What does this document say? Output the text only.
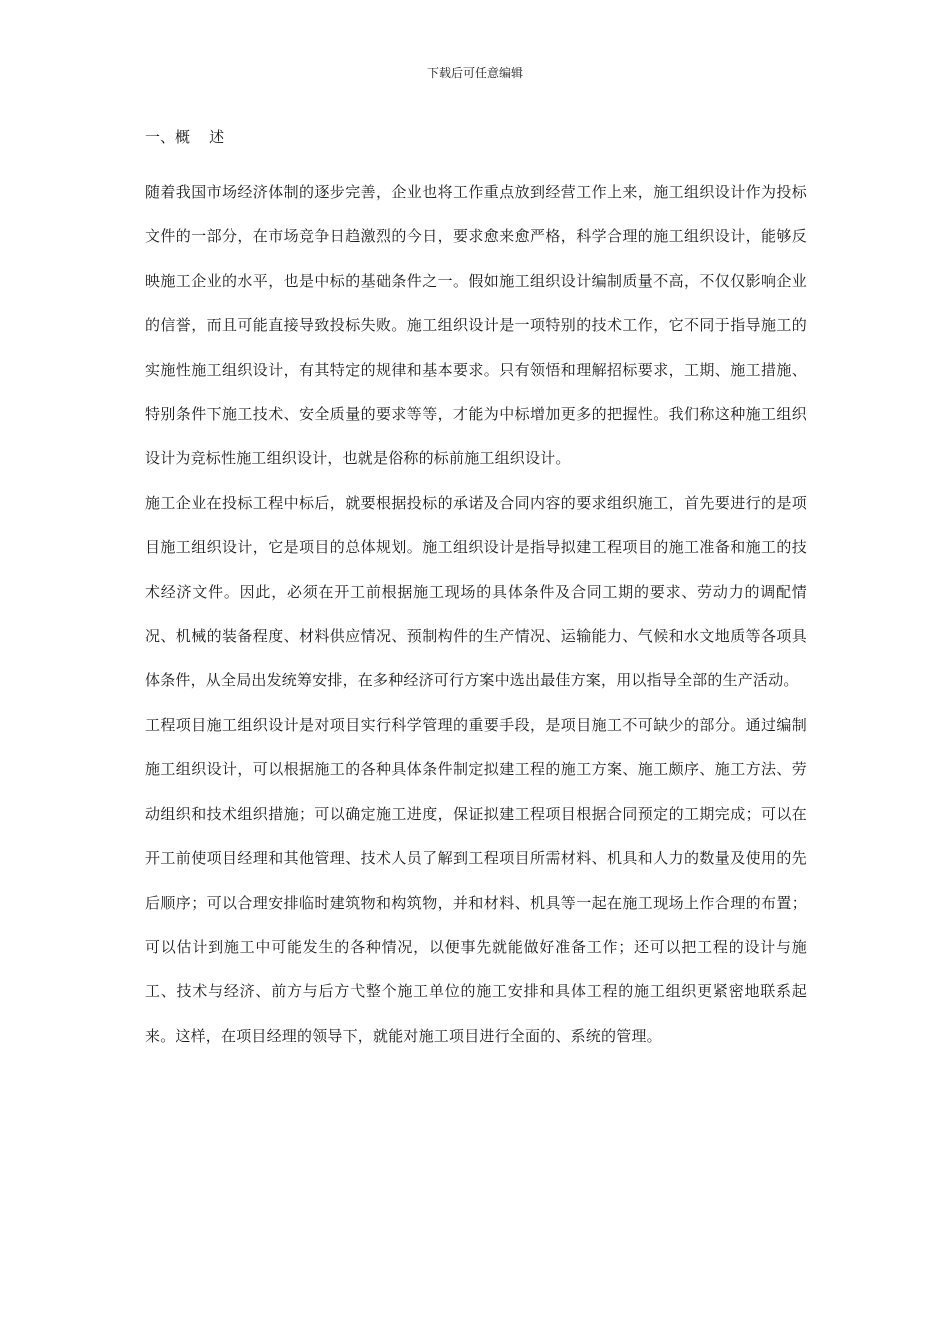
下载后可任意编辑
一、概    述

随着我国市场经济体制的逐步完善，企业也将工作重点放到经营工作上来，施工组织设计作为投标文件的一部分，在市场竞争日趋激烈的今日，要求愈来愈严格，科学合理的施工组织设计，能够反映施工企业的水平，也是中标的基础条件之一。假如施工组织设计编制质量不高，不仅仅影响企业的信誉，而且可能直接导致投标失败。施工组织设计是一项特别的技术工作，它不同于指导施工的实施性施工组织设计，有其特定的规律和基本要求。只有领悟和理解招标要求，工期、施工措施、特别条件下施工技术、安全质量的要求等等，才能为中标增加更多的把握性。我们称这种施工组织设计为竞标性施工组织设计，也就是俗称的标前施工组织设计。

施工企业在投标工程中标后，就要根据投标的承诺及合同内容的要求组织施工，首先要进行的是项目施工组织设计，它是项目的总体规划。施工组织设计是指导拟建工程项目的施工准备和施工的技术经济文件。因此，必须在开工前根据施工现场的具体条件及合同工期的要求、劳动力的调配情况、机械的装备程度、材料供应情况、预制构件的生产情况、运输能力、气候和水文地质等各项具体条件，从全局出发统筹安排，在多种经济可行方案中选出最佳方案，用以指导全部的生产活动。

工程项目施工组织设计是对项目实行科学管理的重要手段，是项目施工不可缺少的部分。通过编制施工组织设计，可以根据施工的各种具体条件制定拟建工程的施工方案、施工颇序、施工方法、劳动组织和技术组织措施；可以确定施工进度，保证拟建工程项目根据合同预定的工期完成；可以在开工前使项目经理和其他管理、技术人员了解到工程项目所需材料、机具和人力的数量及使用的先后顺序；可以合理安排临时建筑物和构筑物，并和材料、机具等一起在施工现场上作合理的布置；可以估计到施工中可能发生的各种情况，以便事先就能做好准备工作；还可以把工程的设计与施工、技术与经济、前方与后方弋整个施工单位的施工安排和具体工程的施工组织更紧密地联系起来。这样，在项目经理的领导下，就能对施工项目进行全面的、系统的管理。
